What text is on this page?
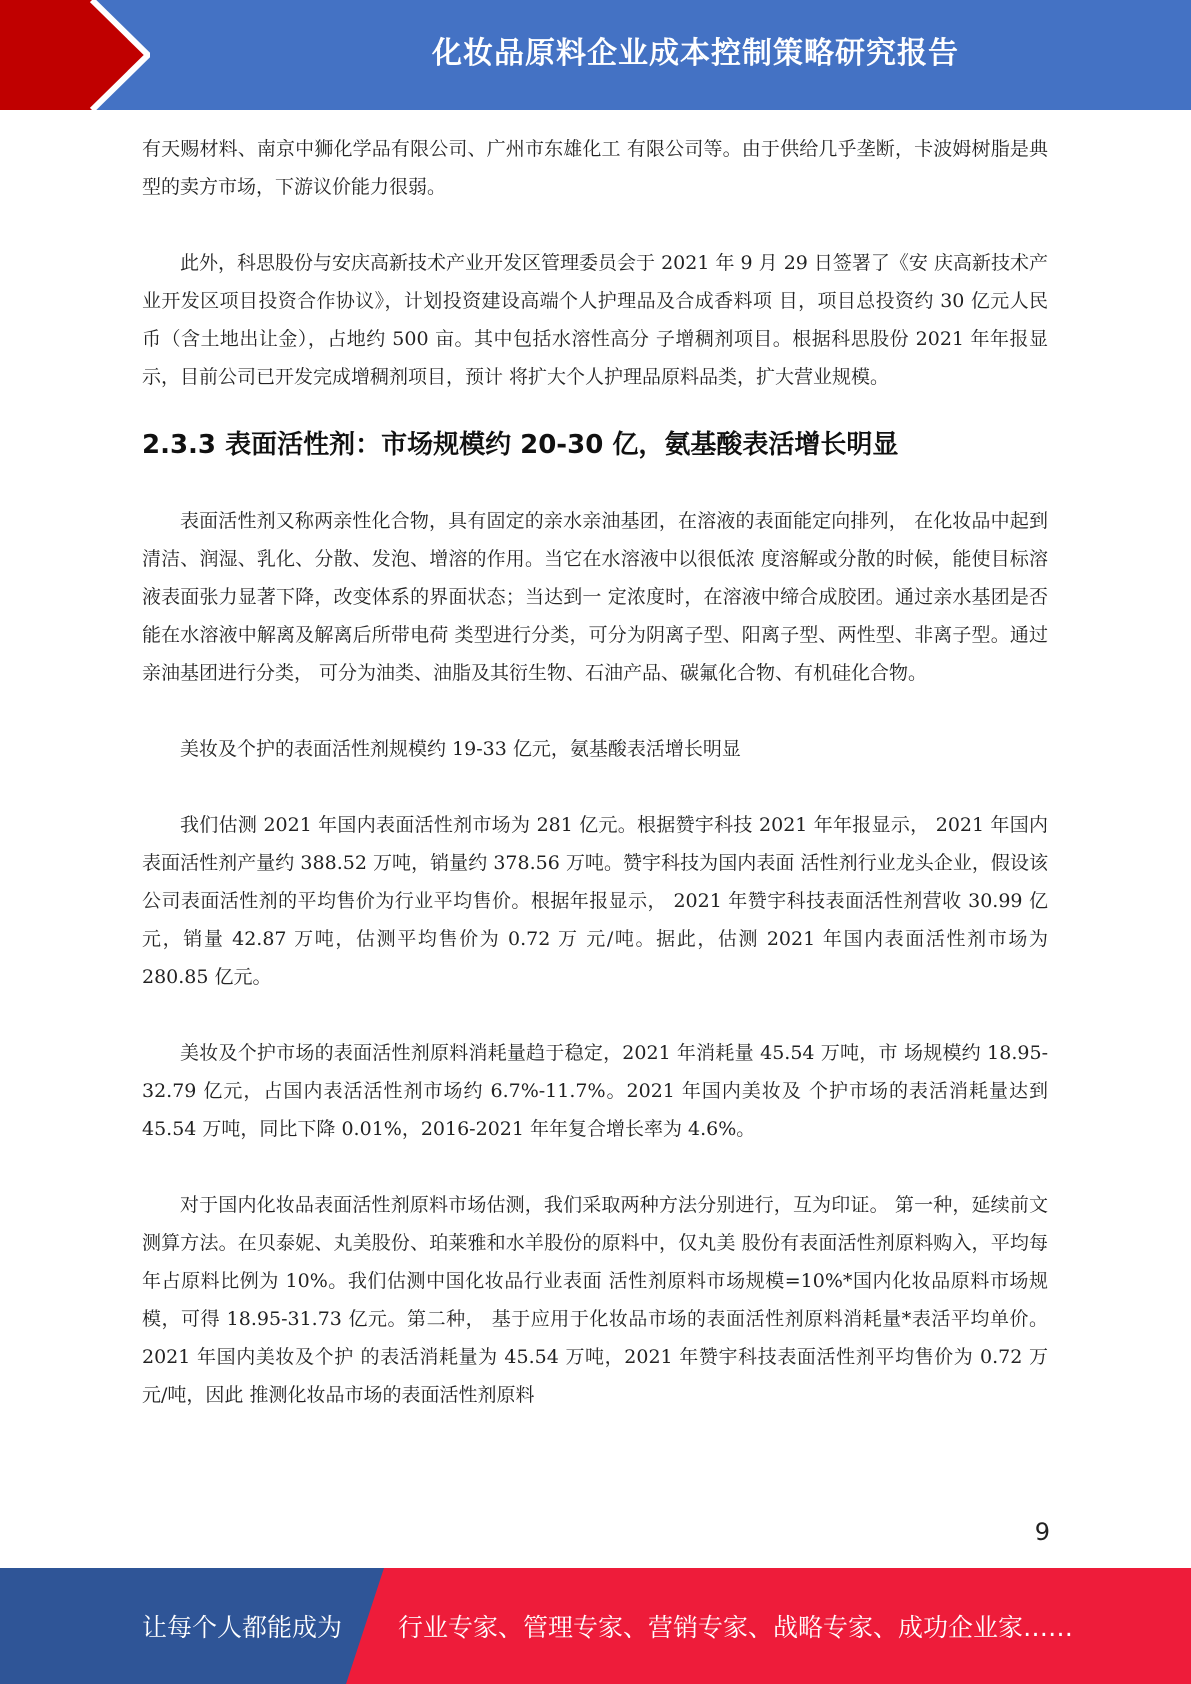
化妆品原料企业成本控制策略研究报告

有天赐材料、南京中狮化学品有限公司、广州市东雄化工 有限公司等。由于供给几乎垄断，卡波姆树脂是典型的卖方市场，下游议价能力很弱。

此外，科思股份与安庆高新技术产业开发区管理委员会于 2021 年 9 月 29 日签署了《安 庆高新技术产业开发区项目投资合作协议》，计划投资建设高端个人护理品及合成香料项 目，项目总投资约 30 亿元人民币（含土地出让金），占地约 500 亩。其中包括水溶性高分 子增稠剂项目。根据科思股份 2021 年年报显示，目前公司已开发完成增稠剂项目，预计 将扩大个人护理品原料品类，扩大营业规模。

2.3.3 表面活性剂：市场规模约 20-30 亿，氨基酸表活增长明显

表面活性剂又称两亲性化合物，具有固定的亲水亲油基团，在溶液的表面能定向排列， 在化妆品中起到清洁、润湿、乳化、分散、发泡、增溶的作用。当它在水溶液中以很低浓 度溶解或分散的时候，能使目标溶液表面张力显著下降，改变体系的界面状态；当达到一 定浓度时，在溶液中缔合成胶团。通过亲水基团是否能在水溶液中解离及解离后所带电荷 类型进行分类，可分为阴离子型、阳离子型、两性型、非离子型。通过亲油基团进行分类， 可分为油类、油脂及其衍生物、石油产品、碳氟化合物、有机硅化合物。

美妆及个护的表面活性剂规模约 19-33 亿元，氨基酸表活增长明显

我们估测 2021 年国内表面活性剂市场为 281 亿元。根据赞宇科技 2021 年年报显示， 2021 年国内表面活性剂产量约 388.52 万吨，销量约 378.56 万吨。赞宇科技为国内表面 活性剂行业龙头企业，假设该公司表面活性剂的平均售价为行业平均售价。根据年报显示， 2021 年赞宇科技表面活性剂营收 30.99 亿元，销量 42.87 万吨，估测平均售价为 0.72 万 元/吨。据此，估测 2021 年国内表面活性剂市场为 280.85 亿元。

美妆及个护市场的表面活性剂原料消耗量趋于稳定，2021 年消耗量 45.54 万吨，市 场规模约 18.95-32.79 亿元，占国内表活活性剂市场约 6.7%-11.7%。2021 年国内美妆及 个护市场的表活消耗量达到 45.54 万吨，同比下降 0.01%，2016-2021 年年复合增长率为 4.6%。

对于国内化妆品表面活性剂原料市场估测，我们采取两种方法分别进行，互为印证。 第一种，延续前文测算方法。在贝泰妮、丸美股份、珀莱雅和水羊股份的原料中，仅丸美 股份有表面活性剂原料购入，平均每年占原料比例为 10%。我们估测中国化妆品行业表面 活性剂原料市场规模=10%*国内化妆品原料市场规模，可得 18.95-31.73 亿元。第二种， 基于应用于化妆品市场的表面活性剂原料消耗量*表活平均单价。2021 年国内美妆及个护 的表活消耗量为 45.54 万吨，2021 年赞宇科技表面活性剂平均售价为 0.72 万元/吨，因此 推测化妆品市场的表面活性剂原料

9
让每个人都能成为 行业专家、管理专家、营销专家、战略专家、成功企业家……
